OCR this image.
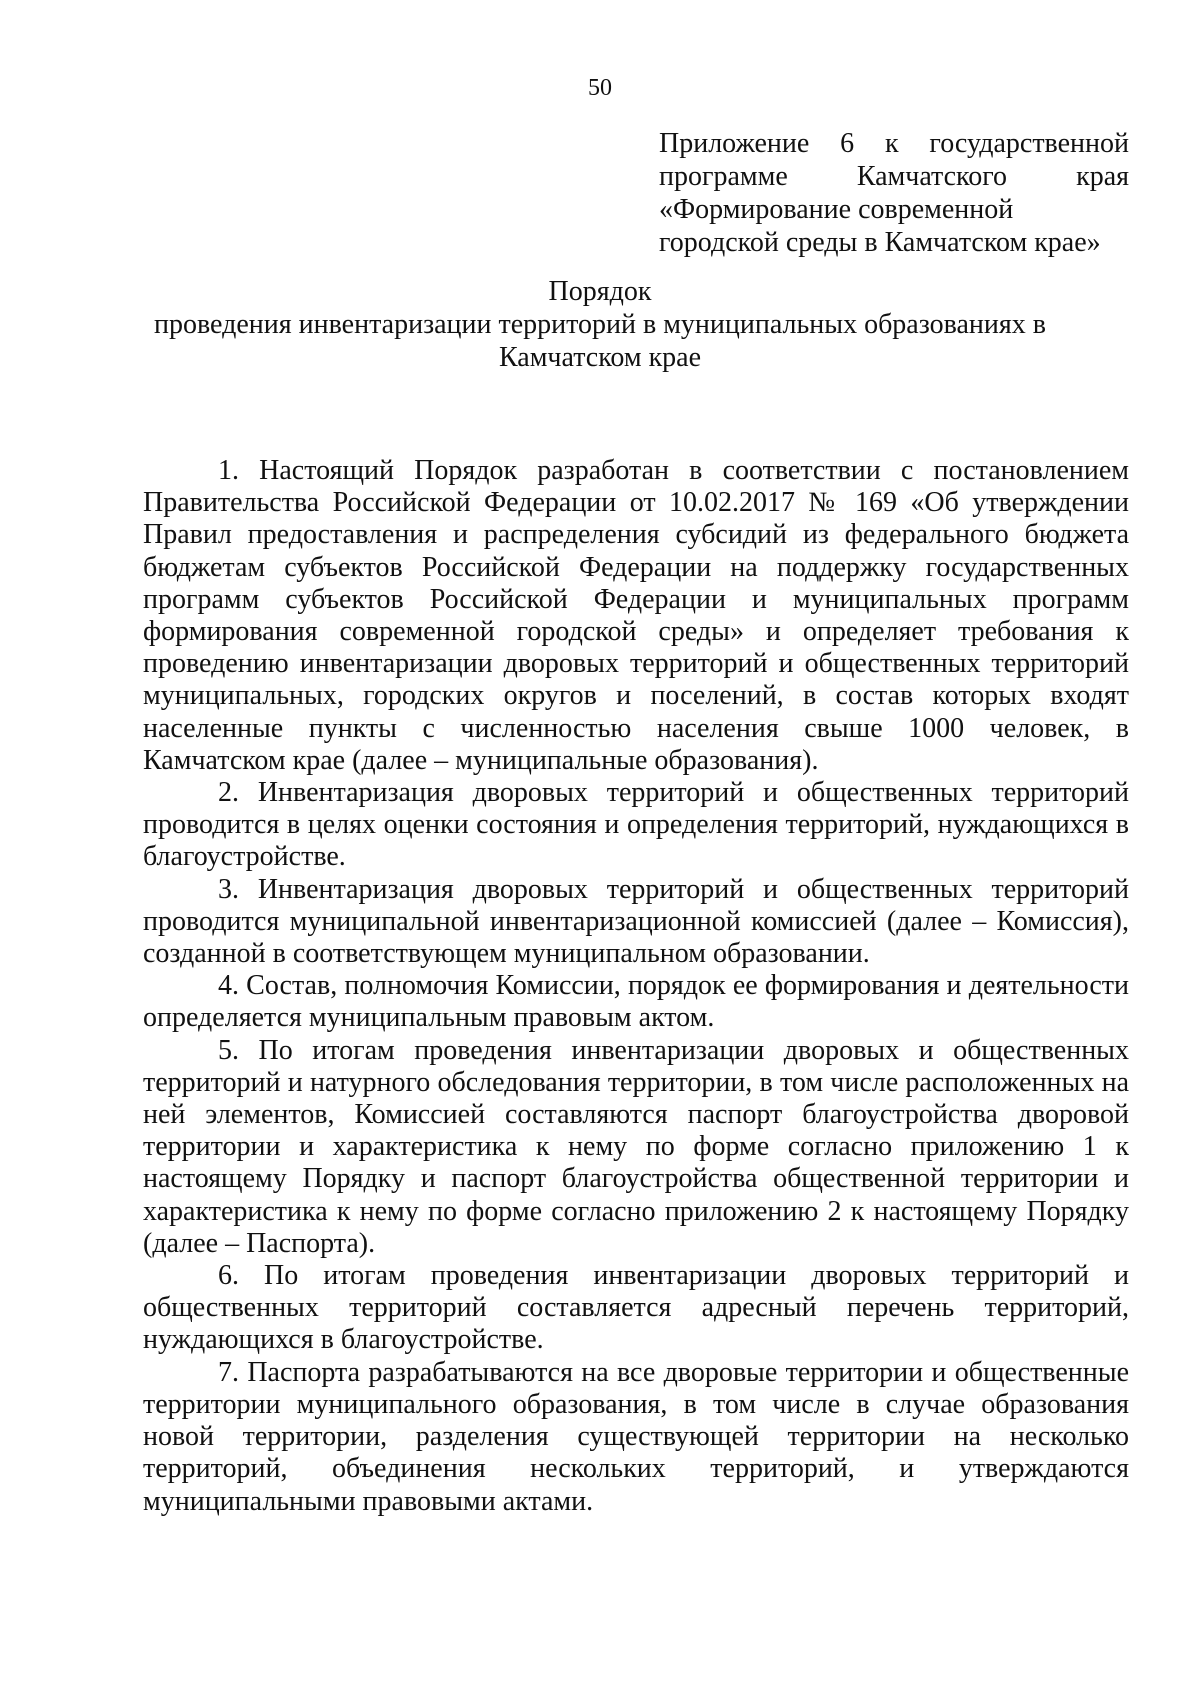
50
Приложение 6 к государственной
программе Камчатского края
«Формирование современной
городской среды в Камчатском крае»
Порядок
проведения инвентаризации территорий в муниципальных образованиях в
Камчатском крае

1. Настоящий Порядок разработан в соответствии с постановлением Правительства Российской Федерации от 10.02.2017 № 169 «Об утверждении Правил предоставления и распределения субсидий из федерального бюджета бюджетам субъектов Российской Федерации на поддержку государственных программ субъектов Российской Федерации и муниципальных программ формирования современной городской среды» и определяет требования к проведению инвентаризации дворовых территорий и общественных территорий муниципальных, городских округов и поселений, в состав которых входят населенные пункты с численностью населения свыше 1000 человек, в Камчатском крае (далее – муниципальные образования).

2. Инвентаризация дворовых территорий и общественных территорий проводится в целях оценки состояния и определения территорий, нуждающихся в благоустройстве.

3. Инвентаризация дворовых территорий и общественных территорий проводится муниципальной инвентаризационной комиссией (далее – Комиссия), созданной в соответствующем муниципальном образовании.

4. Состав, полномочия Комиссии, порядок ее формирования и деятельности определяется муниципальным правовым актом.

5. По итогам проведения инвентаризации дворовых и общественных территорий и натурного обследования территории, в том числе расположенных на ней элементов, Комиссией составляются паспорт благоустройства дворовой территории и характеристика к нему по форме согласно приложению 1 к настоящему Порядку и паспорт благоустройства общественной территории и характеристика к нему по форме согласно приложению 2 к настоящему Порядку (далее – Паспорта).

6. По итогам проведения инвентаризации дворовых территорий и общественных территорий составляется адресный перечень территорий, нуждающихся в благоустройстве.

7. Паспорта разрабатываются на все дворовые территории и общественные территории муниципального образования, в том числе в случае образования новой территории, разделения существующей территории на несколько территорий, объединения нескольких территорий, и утверждаются муниципальными правовыми актами.
